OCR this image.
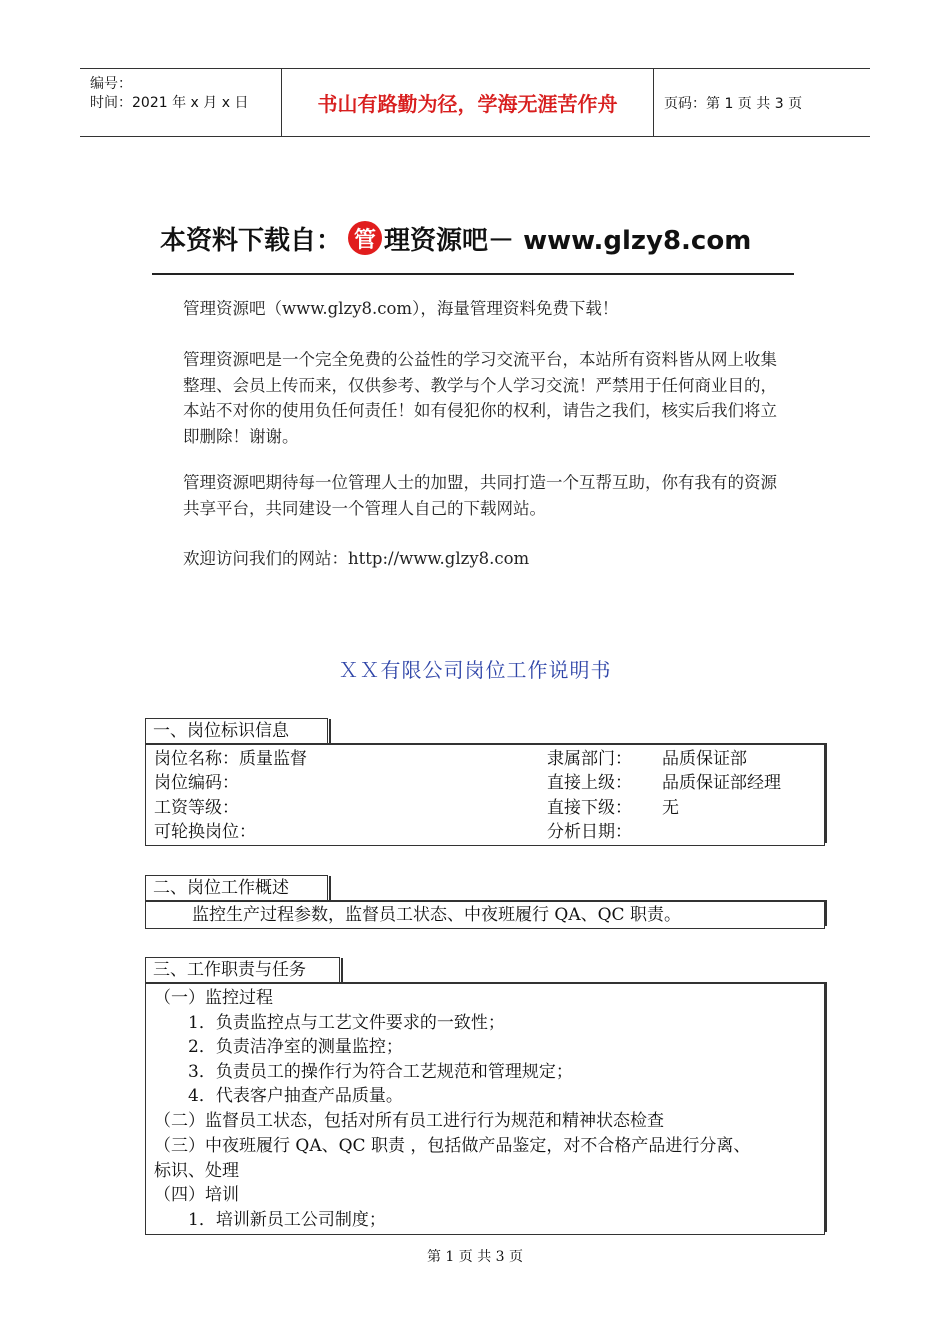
编号：
时间：2021 年 x 月 x 日	书山有路勤为径，学海无涯苦作舟	页码：第 1 页 共 3 页
本资料下载自： 管 理资源吧 － www.glzy8.com
管理资源吧（www.glzy8.com），海量管理资料免费下载！
管理资源吧是一个完全免费的公益性的学习交流平台，本站所有资料皆从网上收集整理、会员上传而来，仅供参考、教学与个人学习交流！严禁用于任何商业目的，本站不对你的使用负任何责任！如有侵犯你的权利，请告之我们，核实后我们将立即删除！谢谢。
管理资源吧期待每一位管理人士的加盟，共同打造一个互帮互助，你有我有的资源共享平台，共同建设一个管理人自己的下载网站。
欢迎访问我们的网站：http://www.glzy8.com
ＸＸ有限公司岗位工作说明书
一、岗位标识信息
岗位名称：质量监督	隶属部门： 品质保证部
岗位编码：	直接上级： 品质保证部经理
工资等级：	直接下级： 无
可轮换岗位：	分析日期：
二、岗位工作概述
监控生产过程参数，监督员工状态、中夜班履行 QA、QC 职责。
三、工作职责与任务
（一）监控过程
　　1．负责监控点与工艺文件要求的一致性；
　　2．负责洁净室的测量监控；
　　3．负责员工的操作行为符合工艺规范和管理规定；
　　4．代表客户抽查产品质量。
（二）监督员工状态，包括对所有员工进行行为规范和精神状态检查
（三）中夜班履行 QA、QC 职责 ，包括做产品鉴定，对不合格产品进行分离、
标识、处理
（四）培训
　　1．培训新员工公司制度；
第 1 页 共 3 页
